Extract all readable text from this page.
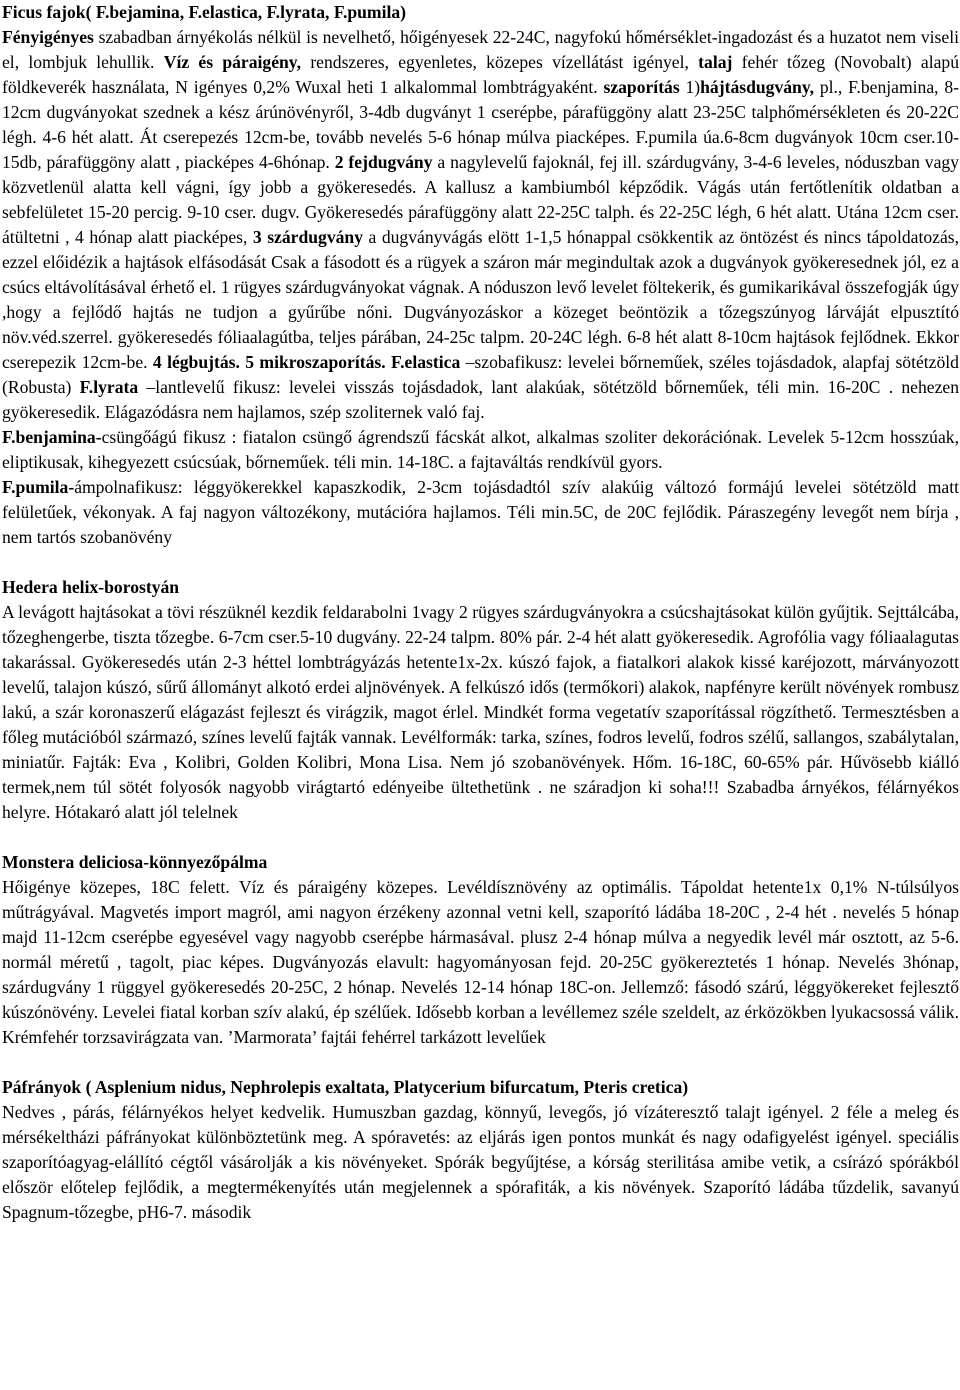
Ficus fajok( F.bejamina, F.elastica, F.lyrata, F.pumila)

Fényigényes szabadban árnyékolás nélkül is nevelhető, hőigényesek 22-24C, nagyfokú hőmérséklet-ingadozást és a huzatot nem viseli el, lombjuk lehullik. Víz és páraigény, rendszeres, egyenletes, közepes vízellátást igényel, talaj fehér tőzeg (Novobalt) alapú földkeverék használata, N igényes 0,2% Wuxal heti 1 alkalommal lombtrágyaként. szaporítás 1)hájtásdugvány, pl., F.benjamina, 8-12cm dugványokat szednek a kész árúnövényről, 3-4db dugványt 1 cserépbe, párafüggöny alatt 23-25C talphőmérsékleten és 20-22C légh. 4-6 hét alatt. Át cserepezés 12cm-be, tovább nevelés 5-6 hónap múlva piacképes. F.pumila úa.6-8cm dugványok 10cm cser.10-15db, párafüggöny alatt , piacképes 4-6hónap. 2 fejdugvány a nagylevelű fajoknál, fej ill. szárdugvány, 3-4-6 leveles, nóduszban vagy közvetlenül alatta kell vágni, így jobb a gyökeresedés. A kallusz a kambiumból képződik. Vágás után fertőtlenítik oldatban a sebfelületet 15-20 percig. 9-10 cser. dugv. Gyökeresedés párafüggöny alatt 22-25C talph. és 22-25C légh, 6 hét alatt. Utána 12cm cser. átültetni , 4 hónap alatt piacképes, 3 szárdugvány a dugványvágás elött 1-1,5 hónappal csökkentik az öntözést és nincs tápoldatozás, ezzel előidézik a hajtások elfásodását Csak a fásodott és a rügyek a száron már megindultak azok a dugványok gyökeresednek jól, ez a csúcs eltávolításával érhető el. 1 rügyes szárdugványokat vágnak. A nóduszon levő levelet föltekerik, és gumikarikával összefogják úgy ,hogy a fejlődő hajtás ne tudjon a gyűrűbe nőni. Dugványozáskor a közeget beöntözik a tőzegszúnyog lárváját elpusztító növ.véd.szerrel. gyökeresedés fóliaalagútba, teljes párában, 24-25c talpm. 20-24C légh. 6-8 hét alatt 8-10cm hajtások fejlődnek. Ekkor cserepezik 12cm-be. 4 légbujtás. 5 mikroszaporítás. F.elastica –szobafikusz: levelei bőrneműek, széles tojásdadok, alapfaj sötétzöld (Robusta) F.lyrata –lantlevelű fikusz: levelei visszás tojásdadok, lant alakúak, sötétzöld bőrneműek, téli min. 16-20C . nehezen gyökeresedik. Elágazódásra nem hajlamos, szép szoliternek való faj.

F.benjamina-csüngőágú fikusz : fiatalon csüngő ágrendszű fácskát alkot, alkalmas szoliter dekorációnak. Levelek 5-12cm hosszúak, eliptikusak, kihegyezett csúcsúak, bőrneműek. téli min. 14-18C. a fajtaváltás rendkívül gyors.

F.pumila-ámpolnafikusz: léggyökerekkel kapaszkodik, 2-3cm tojásdadtól szív alakúig változó formájú levelei sötétzöld matt felületűek, vékonyak. A faj nagyon változékony, mutációra hajlamos. Téli min.5C, de 20C fejlődik. Páraszegény levegőt nem bírja , nem tartós szobanövény

Hedera helix-borostyán

A levágott hajtásokat a tövi részüknél kezdik feldarabolni 1vagy 2 rügyes szárdugványokra a csúcshajtásokat külön gyűjtik. Sejttálcába, tőzeghengerbe, tiszta tőzegbe. 6-7cm cser.5-10 dugvány. 22-24 talpm. 80% pár. 2-4 hét alatt gyökeresedik. Agrofólia vagy fóliaalagutas takarással. Gyökeresedés után 2-3 héttel lombtrágyázás hetente1x-2x. kúszó fajok, a fiatalkori alakok kissé karéjozott, márványozott levelű, talajon kúszó, sűrű állományt alkotó erdei aljnövények. A felkúszó idős (termőkori) alakok, napfényre került növények rombusz lakú, a szár koronaszerű elágazást fejleszt és virágzik, magot érlel. Mindkét forma vegetatív szaporítással rögzíthető. Termesztésben a főleg mutációból származó, színes levelű fajták vannak. Levélformák: tarka, színes, fodros levelű, fodros szélű, sallangos, szabálytalan, miniatűr. Fajták: Eva , Kolibri, Golden Kolibri, Mona Lisa. Nem jó szobanövények. Hőm. 16-18C, 60-65% pár. Hűvösebb kiálló termek,nem túl sötét folyosók nagyobb virágtartó edényeibe ültethetünk . ne száradjon ki soha!!! Szabadba árnyékos, félárnyékos helyre. Hótakaró alatt jól telelnek

Monstera deliciosa-könnyezőpálma

Hőigénye közepes, 18C felett. Víz és páraigény közepes. Levéldísznövény az optimális. Tápoldat hetente1x 0,1% N-túlsúlyos műtrágyával. Magvetés import magról, ami nagyon érzékeny azonnal vetni kell, szaporító ládába 18-20C , 2-4 hét . nevelés 5 hónap majd 11-12cm cserépbe egyesével vagy nagyobb cserépbe hármasával. plusz 2-4 hónap múlva a negyedik levél már osztott, az 5-6. normál méretű , tagolt, piac képes. Dugványozás elavult: hagyományosan fejd. 20-25C gyökereztetés 1 hónap. Nevelés 3hónap, szárdugvány 1 rüggyel gyökeresedés 20-25C, 2 hónap. Nevelés 12-14 hónap 18C-on. Jellemző: fásodó szárú, léggyökereket fejlesztő kúszónövény. Levelei fiatal korban szív alakú, ép szélűek. Idősebb korban a levéllemez széle szeldelt, az érközökben lyukacsossá válik. Krémfehér torzsavirágzata van. ’Marmorata’ fajtái fehérrel tarkázott levelűek

Páfrányok ( Asplenium nidus, Nephrolepis exaltata, Platycerium bifurcatum, Pteris cretica)

Nedves , párás, félárnyékos helyet kedvelik. Humuszban gazdag, könnyű, levegős, jó vízáteresztő talajt igényel. 2 féle a meleg és mérsékeltházi páfrányokat különböztetünk meg. A spóravetés: az eljárás igen pontos munkát és nagy odafigyelést igényel. speciális szaporítóagyag-elállító cégtől vásárolják a kis növényeket. Spórák begyűjtése, a kórság sterilitása amibe vetik, a csírázó spórákból először előtelep fejlődik, a megtermékenyítés után megjelennek a spórafiták, a kis növények. Szaporító ládába tűzdelik, savanyú Spagnum-tőzegbe, pH6-7. második
